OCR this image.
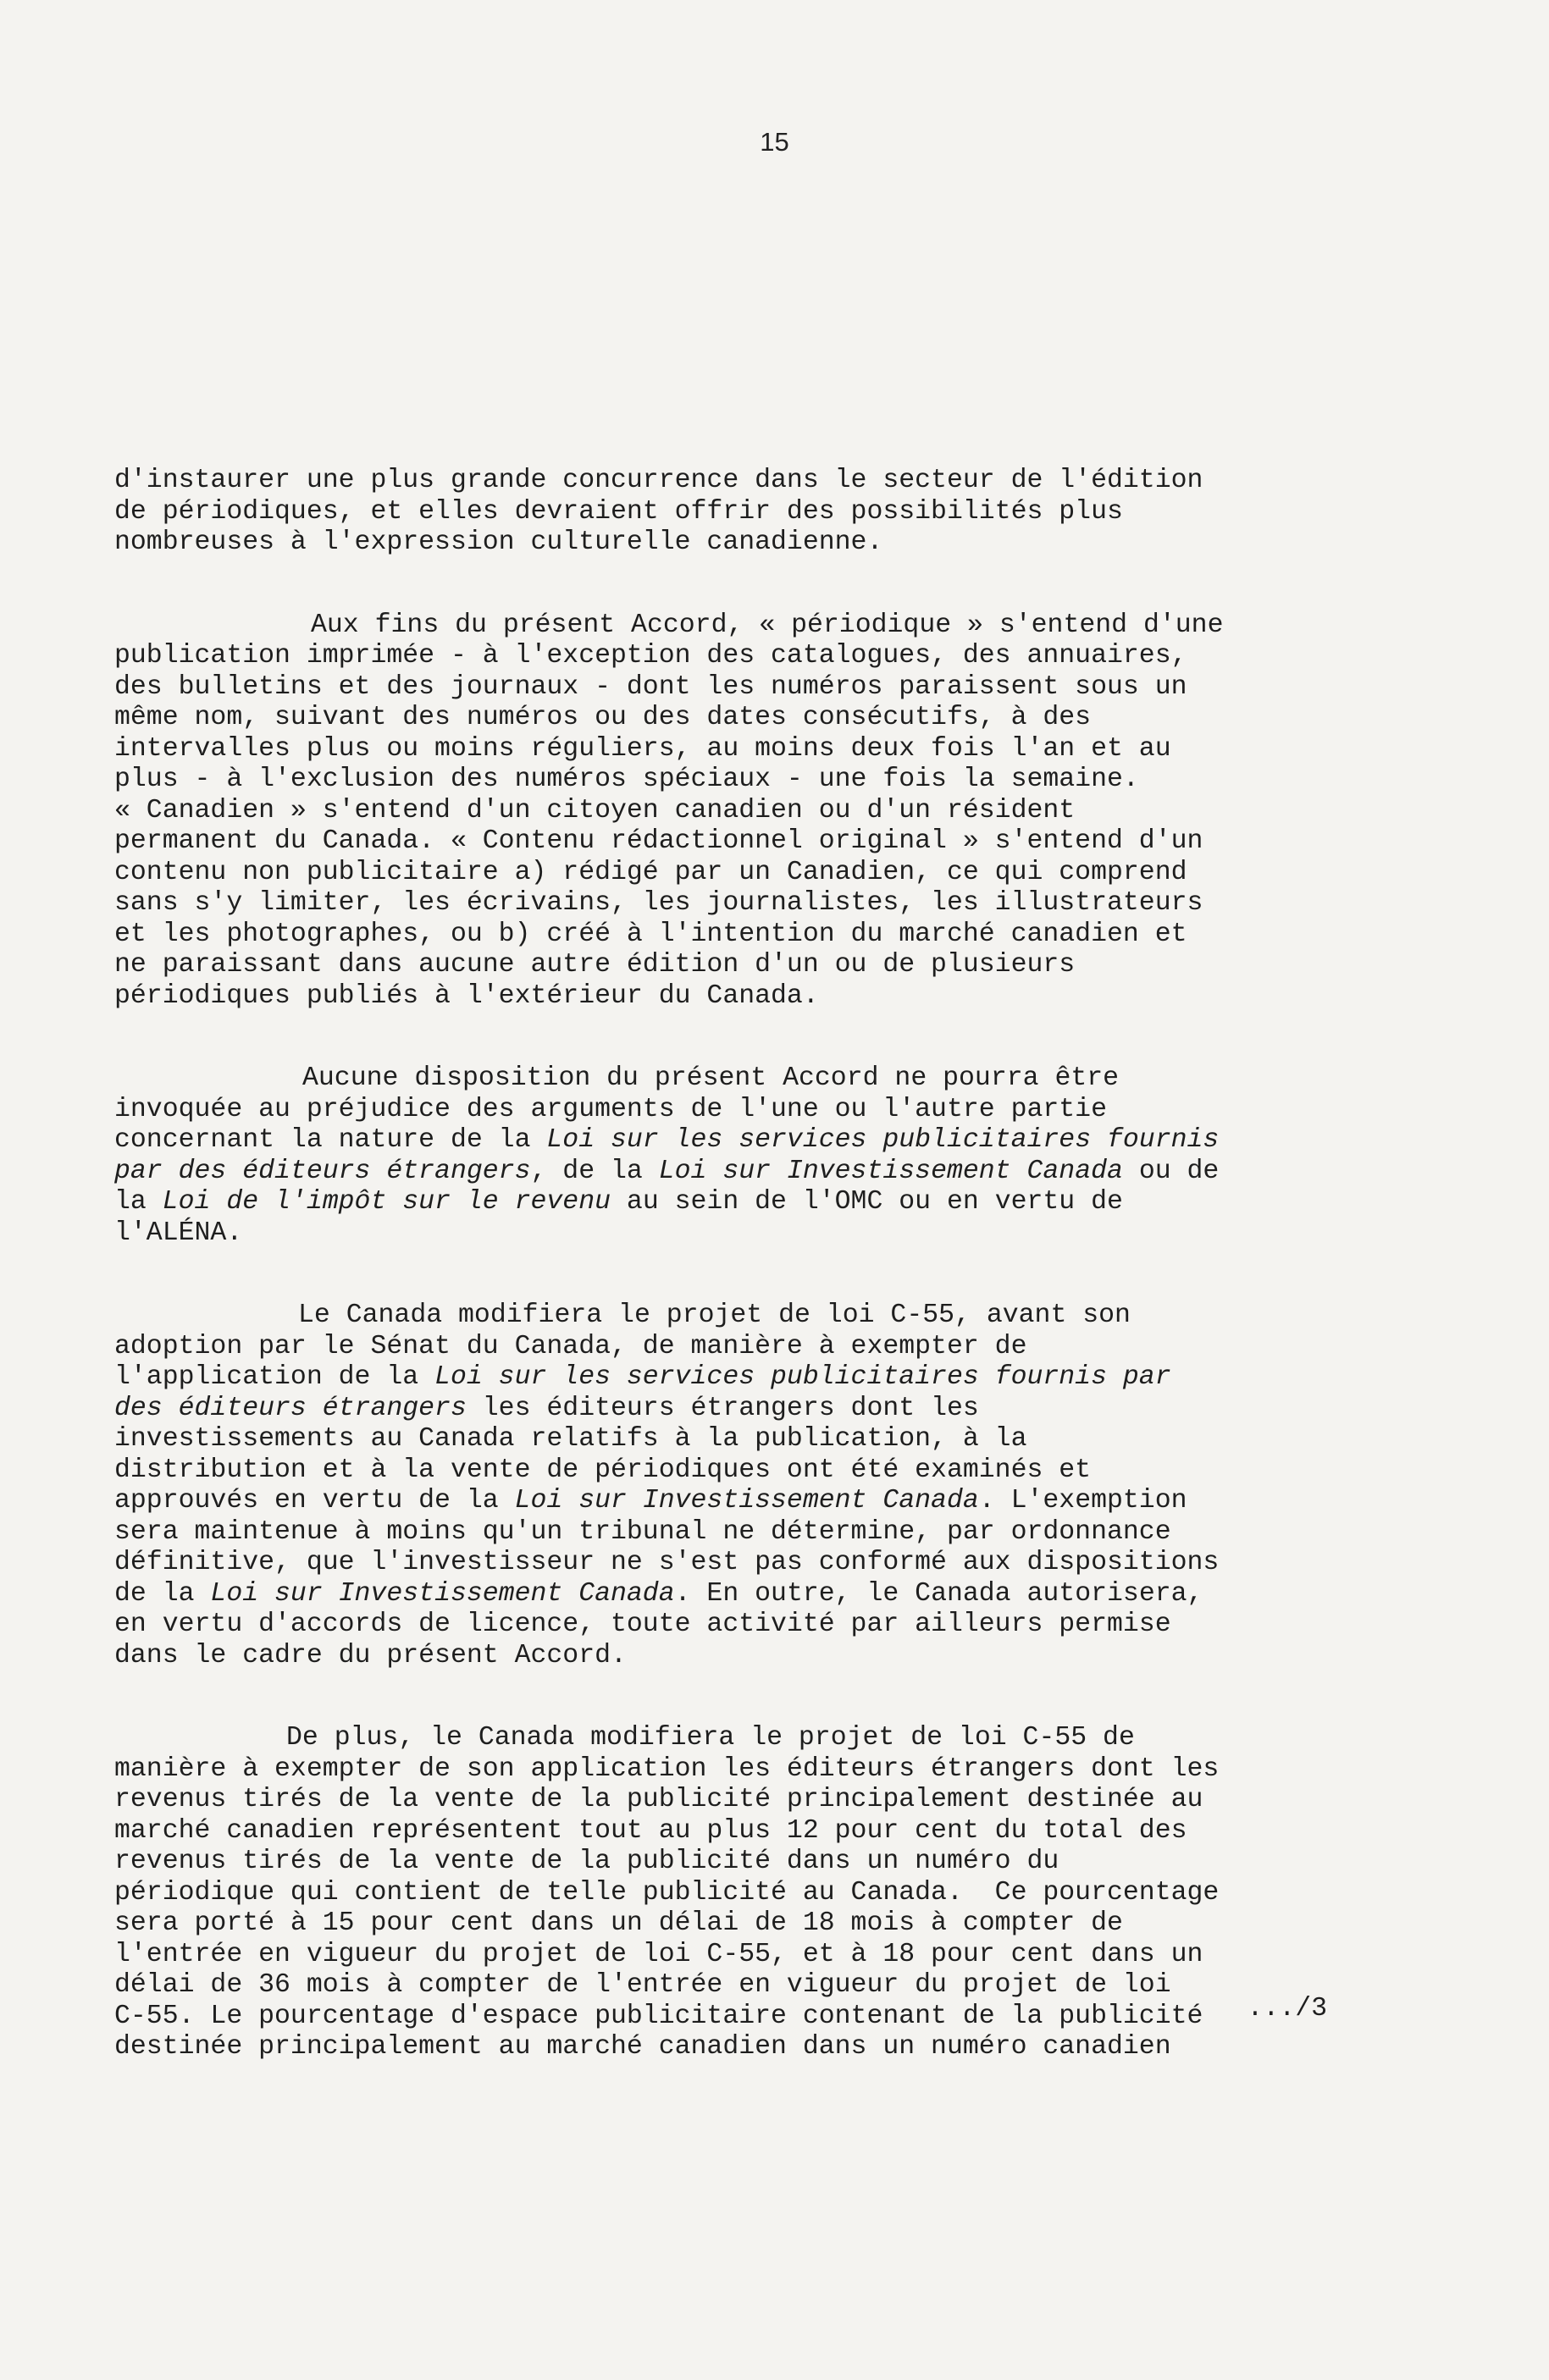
15
d'instaurer une plus grande concurrence dans le secteur de l'édition
de périodiques, et elles devraient offrir des possibilités plus
nombreuses à l'expression culturelle canadienne.
Aux fins du présent Accord, « périodique » s'entend d'une
publication imprimée - à l'exception des catalogues, des annuaires,
des bulletins et des journaux - dont les numéros paraissent sous un
même nom, suivant des numéros ou des dates consécutifs, à des
intervalles plus ou moins réguliers, au moins deux fois l'an et au
plus - à l'exclusion des numéros spéciaux - une fois la semaine.
« Canadien » s'entend d'un citoyen canadien ou d'un résident
permanent du Canada. « Contenu rédactionnel original » s'entend d'un
contenu non publicitaire a) rédigé par un Canadien, ce qui comprend
sans s'y limiter, les écrivains, les journalistes, les illustrateurs
et les photographes, ou b) créé à l'intention du marché canadien et
ne paraissant dans aucune autre édition d'un ou de plusieurs
périodiques publiés à l'extérieur du Canada.
Aucune disposition du présent Accord ne pourra être
invoquée au préjudice des arguments de l'une ou l'autre partie
concernant la nature de la Loi sur les services publicitaires fournis
par des éditeurs étrangers, de la Loi sur Investissement Canada ou de
la Loi de l'impôt sur le revenu au sein de l'OMC ou en vertu de
l'ALÉNA.
Le Canada modifiera le projet de loi C-55, avant son
adoption par le Sénat du Canada, de manière à exempter de
l'application de la Loi sur les services publicitaires fournis par
des éditeurs étrangers les éditeurs étrangers dont les
investissements au Canada relatifs à la publication, à la
distribution et à la vente de périodiques ont été examinés et
approuvés en vertu de la Loi sur Investissement Canada. L'exemption
sera maintenue à moins qu'un tribunal ne détermine, par ordonnance
définitive, que l'investisseur ne s'est pas conformé aux dispositions
de la Loi sur Investissement Canada. En outre, le Canada autorisera,
en vertu d'accords de licence, toute activité par ailleurs permise
dans le cadre du présent Accord.
De plus, le Canada modifiera le projet de loi C-55 de
manière à exempter de son application les éditeurs étrangers dont les
revenus tirés de la vente de la publicité principalement destinée au
marché canadien représentent tout au plus 12 pour cent du total des
revenus tirés de la vente de la publicité dans un numéro du
périodique qui contient de telle publicité au Canada.  Ce pourcentage
sera porté à 15 pour cent dans un délai de 18 mois à compter de
l'entrée en vigueur du projet de loi C-55, et à 18 pour cent dans un
délai de 36 mois à compter de l'entrée en vigueur du projet de loi
C-55. Le pourcentage d'espace publicitaire contenant de la publicité
destinée principalement au marché canadien dans un numéro canadien
.../3
